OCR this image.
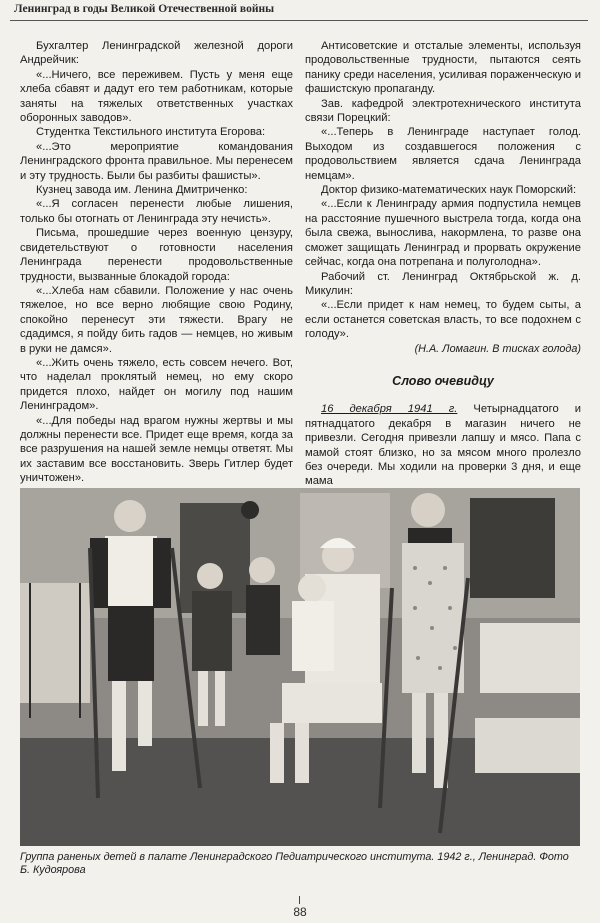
Ленинград в годы Великой Отечественной войны

Бухгалтер Ленинградской железной дороги Андрейчик:

«...Ничего, все переживем. Пусть у меня еще хлеба сбавят и дадут его тем работникам, которые заняты на тяжелых ответственных участках оборонных заводов».

Студентка Текстильного института Егорова:

«...Это мероприятие командования Ленинградского фронта правильное. Мы перенесем и эту трудность. Были бы разбиты фашисты».

Кузнец завода им. Ленина Дмитриченко:

«...Я согласен перенести любые лишения, только бы отогнать от Ленинграда эту нечисть».

Письма, прошедшие через военную цензуру, свидетельствуют о готовности населения Ленинграда перенести продовольственные трудности, вызванные блокадой города:

«...Хлеба нам сбавили. Положение у нас очень тяжелое, но все верно любящие свою Родину, спокойно перенесут эти тяжести. Врагу не сдадимся, я пойду бить гадов — немцев, но живым в руки не дамся».

«...Жить очень тяжело, есть совсем нечего. Вот, что наделал проклятый немец, но ему скоро придется плохо, найдет он могилу под нашим Ленинградом».

«...Для победы над врагом нужны жертвы и мы должны перенести все. Придет еще время, когда за все разрушения на нашей земле немцы ответят. Мы их заставим все восстановить. Зверь Гитлер будет уничтожен».

Антисоветские и отсталые элементы, используя продовольственные трудности, пытаются сеять панику среди населения, усиливая пораженческую и фашистскую пропаганду.

Зав. кафедрой электротехнического института связи Порецкий:

«...Теперь в Ленинграде наступает голод. Выходом из создавшегося положения с продовольствием является сдача Ленинграда немцам».

Доктор физико-математических наук Поморский:

«...Если к Ленинграду армия подпустила немцев на расстояние пушечного выстрела тогда, когда она была свежа, вынослива, накормлена, то разве она сможет защищать Ленинград и прорвать окружение сейчас, когда она потрепана и полуголодна».

Рабочий ст. Ленинград Октябрьской ж. д. Микулин:

«...Если придет к нам немец, то будем сыты, а если останется советская власть, то все подохнем с голоду».

(Н.А. Ломагин. В тисках голода)

Слово очевидцу

16 декабря 1941 г. Четырнадцатого и пятнадцатого декабря в магазин ничего не привезли. Сегодня привезли лапшу и мясо. Папа с мамой стоят близко, но за мясом много пролезло без очереди. Мы ходили на проверки 3 дня, и еще мама

Группа раненых детей в палате Ленинградского Педиатрического института. 1942 г., Ленинград. Фото Б. Кудоярова
88
